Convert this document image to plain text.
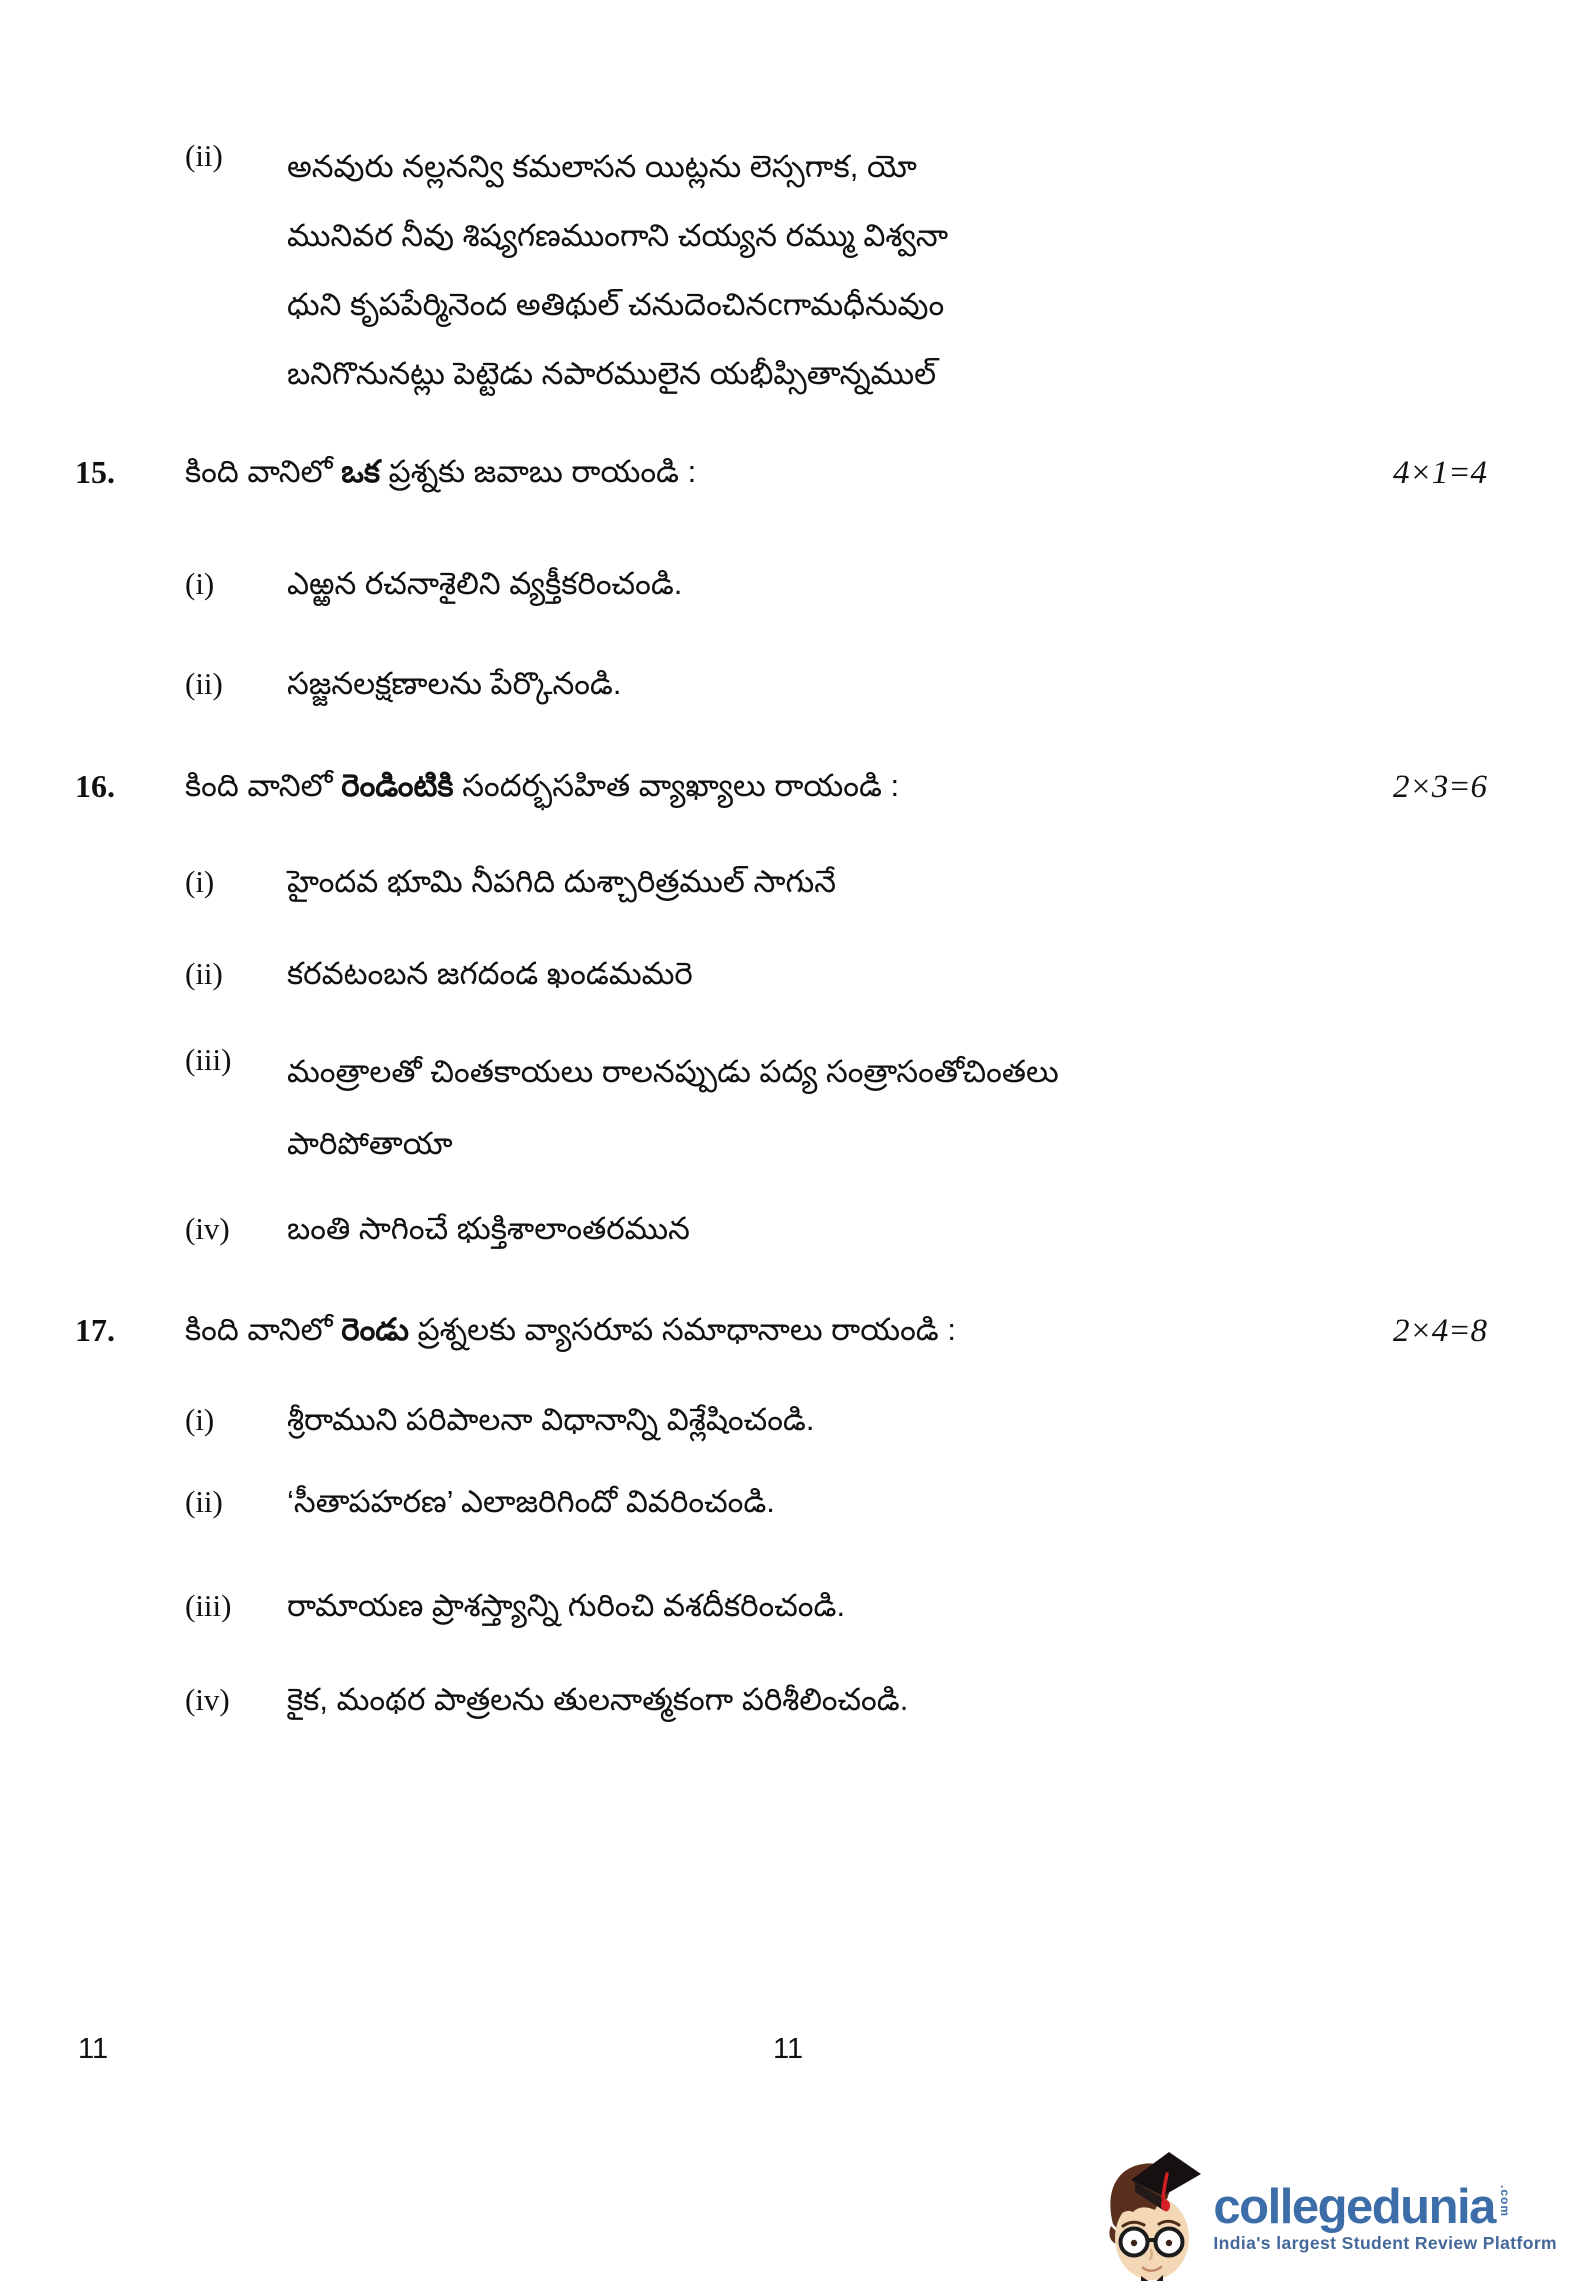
(ii) అనవురు నల్లనన్వి కమలాసన యిట్లను లెస్సగాక, యో
మునివర నీవు శిష్యగణముంగాని చయ్యన రమ్ము విశ్వనా
ధుని కృపపేర్మినెంద అతిథుల్ చనుదెంచినcగామధీనువుం
బనిగొనునట్లు పెట్టెడు నపారములైన యభీప్సితాన్నముల్
15. కింది వానిలో ఒక ప్రశ్నకు జవాబు రాయండి :	4×1=4
(i) ఎఱ్ఱన రచనాశైలిని వ్యక్తీకరించండి.
(ii) సజ్జనలక్షణాలను పేర్కొనండి.
16. కింది వానిలో రెండింటికి సందర్భసహిత వ్యాఖ్యాలు రాయండి :	2×3=6
(i) హైందవ భూమి నీపగిది దుశ్చారిత్రముల్ సాగునే
(ii) కరవటంబన జగదండ ఖండమమరె
(iii) మంత్రాలతో చింతకాయలు రాలనప్పుడు పద్య సంత్రాసంతోచింతలు
పారిపోతాయా
(iv) బంతి సాగించే భుక్తిశాలాంతరమున
17. కింది వానిలో రెండు ప్రశ్నలకు వ్యాసరూప సమాధానాలు రాయండి :	2×4=8
(i) శ్రీరాముని పరిపాలనా విధానాన్ని విశ్లేషించండి.
(ii) ‘సీతాపహరణ’ ఎలాజరిగిందో వివరించండి.
(iii) రామాయణ ప్రాశస్త్యాన్ని గురించి వశదీకరించండి.
(iv) కైక, మంథర పాత్రలను తులనాత్మకంగా పరిశీలించండి.
11	11
collegedunia .com
India's largest Student Review Platform
